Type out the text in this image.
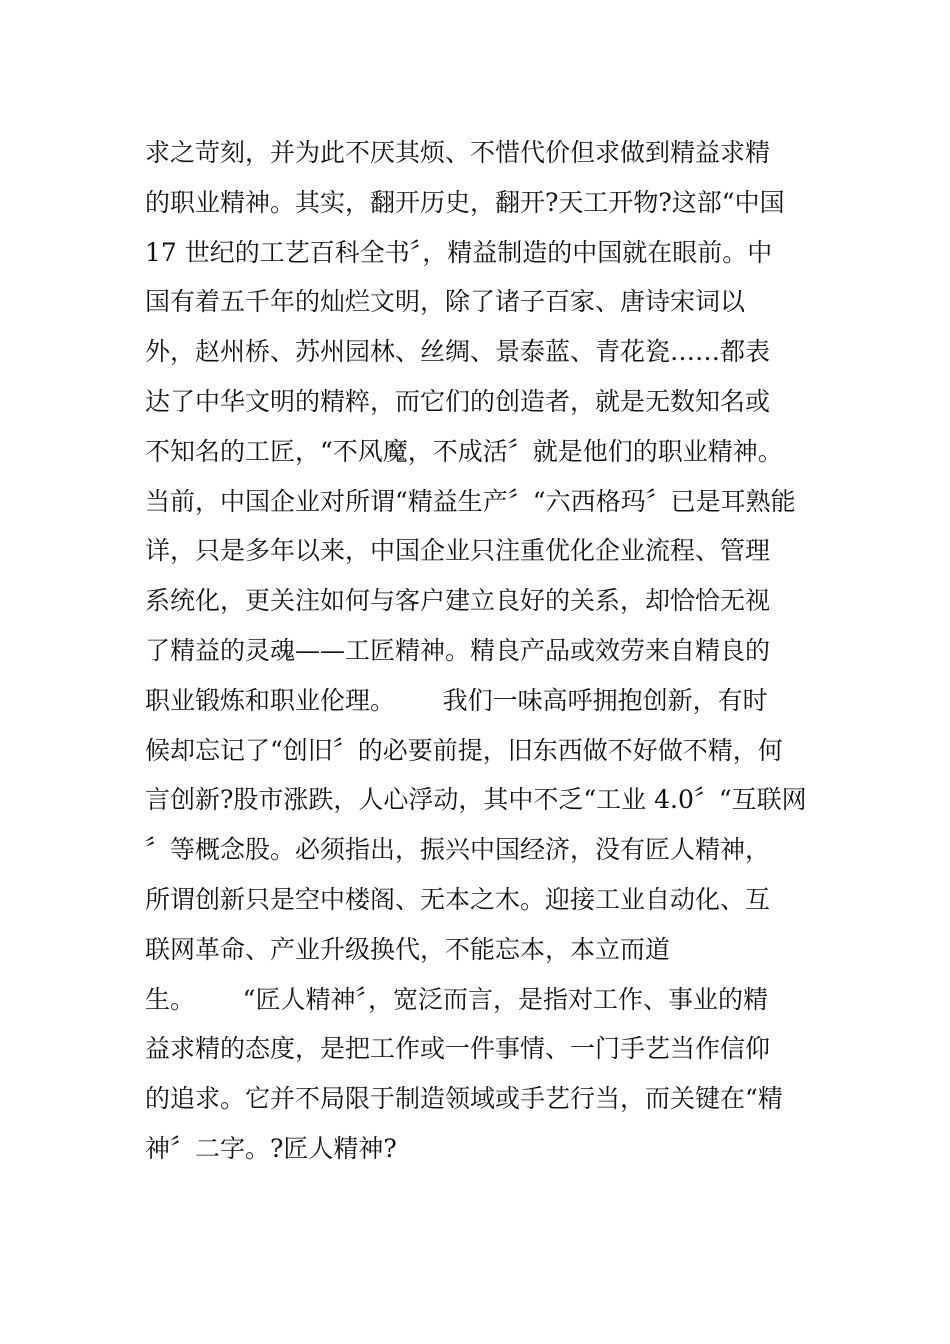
求之苛刻，并为此不厌其烦、不惜代价但求做到精益求精
的职业精神。其实，翻开历史，翻开?天工开物?这部“中国
17 世纪的工艺百科全书〞，精益制造的中国就在眼前。中
国有着五千年的灿烂文明，除了诸子百家、唐诗宋词以
外，赵州桥、苏州园林、丝绸、景泰蓝、青花瓷……都表
达了中华文明的精粹，而它们的创造者，就是无数知名或
不知名的工匠，“不风魔，不成活〞就是他们的职业精神。
当前，中国企业对所谓“精益生产〞“六西格玛〞已是耳熟能
详，只是多年以来，中国企业只注重优化企业流程、管理
系统化，更关注如何与客户建立良好的关系，却恰恰无视
了精益的灵魂——工匠精神。精良产品或效劳来自精良的
职业锻炼和职业伦理。      我们一味高呼拥抱创新，有时
候却忘记了“创旧〞的必要前提，旧东西做不好做不精，何
言创新?股市涨跌，人心浮动，其中不乏“工业 4.0〞“互联网
〞等概念股。必须指出，振兴中国经济，没有匠人精神，
所谓创新只是空中楼阁、无本之木。迎接工业自动化、互
联网革命、产业升级换代，不能忘本，本立而道
生。      “匠人精神〞，宽泛而言，是指对工作、事业的精
益求精的态度，是把工作或一件事情、一门手艺当作信仰
的追求。它并不局限于制造领域或手艺行当，而关键在“精
神〞二字。?匠人精神?
